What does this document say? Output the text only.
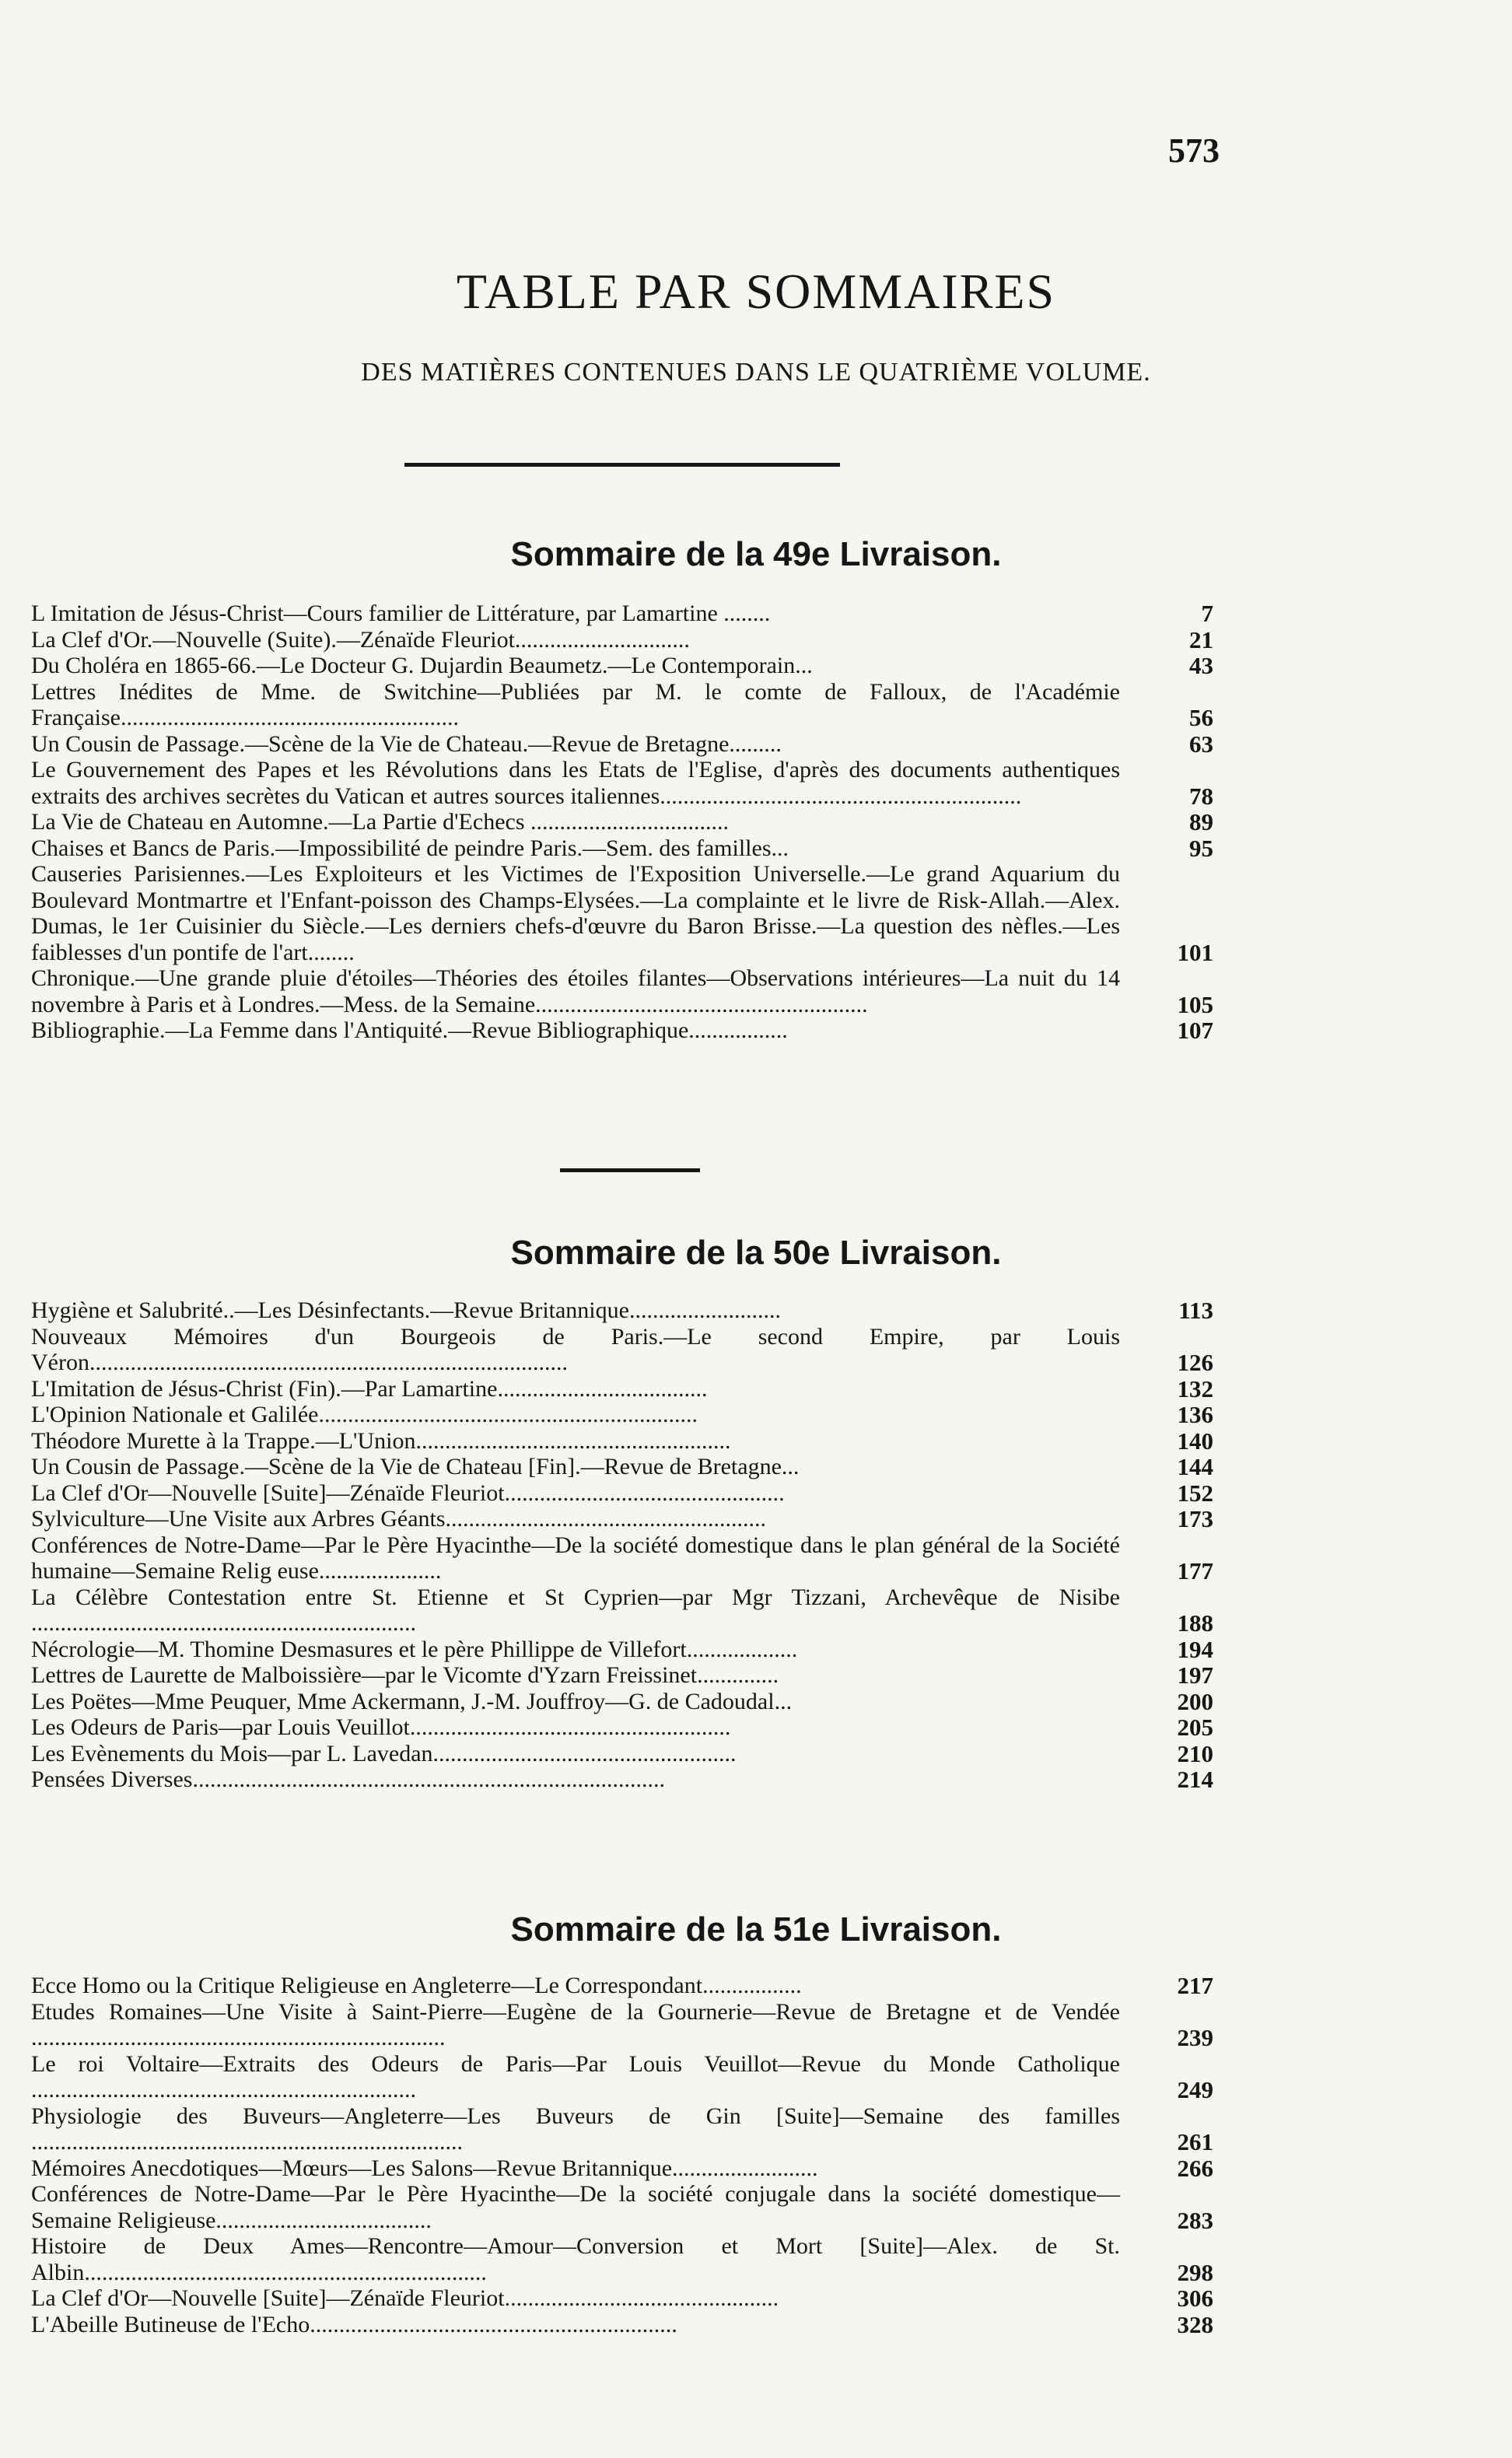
573
TABLE PAR SOMMAIRES
DES MATIÈRES CONTENUES DANS LE QUATRIÈME VOLUME.
Sommaire de la 49e Livraison.
L Imitation de Jésus-Christ—Cours familier de Littérature, par Lamartine ........	7
La Clef d'Or.—Nouvelle (Suite).—Zénaïde Fleuriot..............................	21
Du Choléra en 1865-66.—Le Docteur G. Dujardin Beaumetz.—Le Contemporain...	43
Lettres Inédites de Mme. de Switchine—Publiées par M. le comte de Falloux, de l'Académie Française..........................................................	56
Un Cousin de Passage.—Scène de la Vie de Chateau.—Revue de Bretagne.........	63
Le Gouvernement des Papes et les Révolutions dans les Etats de l'Eglise, d'après des documents authentiques extraits des archives secrètes du Vatican et autres sources italiennes..............................................................	78
La Vie de Chateau en Automne.—La Partie d'Echecs ..................................	89
Chaises et Bancs de Paris.—Impossibilité de peindre Paris.—Sem. des familles...	95
Causeries Parisiennes.—Les Exploiteurs et les Victimes de l'Exposition Universelle.—Le grand Aquarium du Boulevard Montmartre et l'Enfant-poisson des Champs-Elysées.—La complainte et le livre de Risk-Allah.—Alex. Dumas, le 1er Cuisinier du Siècle.—Les derniers chefs-d'œuvre du Baron Brisse.—La question des nèfles.—Les faiblesses d'un pontife de l'art........	101
Chronique.—Une grande pluie d'étoiles—Théories des étoiles filantes—Observations intérieures—La nuit du 14 novembre à Paris et à Londres.—Mess. de la Semaine.........................................................	105
Bibliographie.—La Femme dans l'Antiquité.—Revue Bibliographique.................	107
Sommaire de la 50e Livraison.
Hygiène et Salubrité..—Les Désinfectants.—Revue Britannique..........................	113
Nouveaux Mémoires d'un Bourgeois de Paris.—Le second Empire, par Louis Véron..................................................................................	126
L'Imitation de Jésus-Christ (Fin).—Par Lamartine....................................	132
L'Opinion Nationale et Galilée.................................................................	136
Théodore Murette à la Trappe.—L'Union......................................................	140
Un Cousin de Passage.—Scène de la Vie de Chateau [Fin].—Revue de Bretagne...	144
La Clef d'Or—Nouvelle [Suite]—Zénaïde Fleuriot................................................	152
Sylviculture—Une Visite aux Arbres Géants.......................................................	173
Conférences de Notre-Dame—Par le Père Hyacinthe—De la société domestique dans le plan général de la Société humaine—Semaine Relig euse.....................	177
La Célèbre Contestation entre St. Etienne et St Cyprien—par Mgr Tizzani, Archevêque de Nisibe ..................................................................	188
Nécrologie—M. Thomine Desmasures et le père Phillippe de Villefort...................	194
Lettres de Laurette de Malboissière—par le Vicomte d'Yzarn Freissinet..............	197
Les Poëtes—Mme Peuquer, Mme Ackermann, J.-M. Jouffroy—G. de Cadoudal...	200
Les Odeurs de Paris—par Louis Veuillot.......................................................	205
Les Evènements du Mois—par L. Lavedan....................................................	210
Pensées Diverses.................................................................................	214
Sommaire de la 51e Livraison.
Ecce Homo ou la Critique Religieuse en Angleterre—Le Correspondant.................	217
Etudes Romaines—Une Visite à Saint-Pierre—Eugène de la Gournerie—Revue de Bretagne et de Vendée .......................................................................	239
Le roi Voltaire—Extraits des Odeurs de Paris—Par Louis Veuillot—Revue du Monde Catholique ..................................................................	249
Physiologie des Buveurs—Angleterre—Les Buveurs de Gin [Suite]—Semaine des familles ..........................................................................	261
Mémoires Anecdotiques—Mœurs—Les Salons—Revue Britannique.........................	266
Conférences de Notre-Dame—Par le Père Hyacinthe—De la société conjugale dans la société domestique—Semaine Religieuse.....................................	283
Histoire de Deux Ames—Rencontre—Amour—Conversion et Mort [Suite]—Alex. de St. Albin.....................................................................	298
La Clef d'Or—Nouvelle [Suite]—Zénaïde Fleuriot...............................................	306
L'Abeille Butineuse de l'Echo...............................................................	328
